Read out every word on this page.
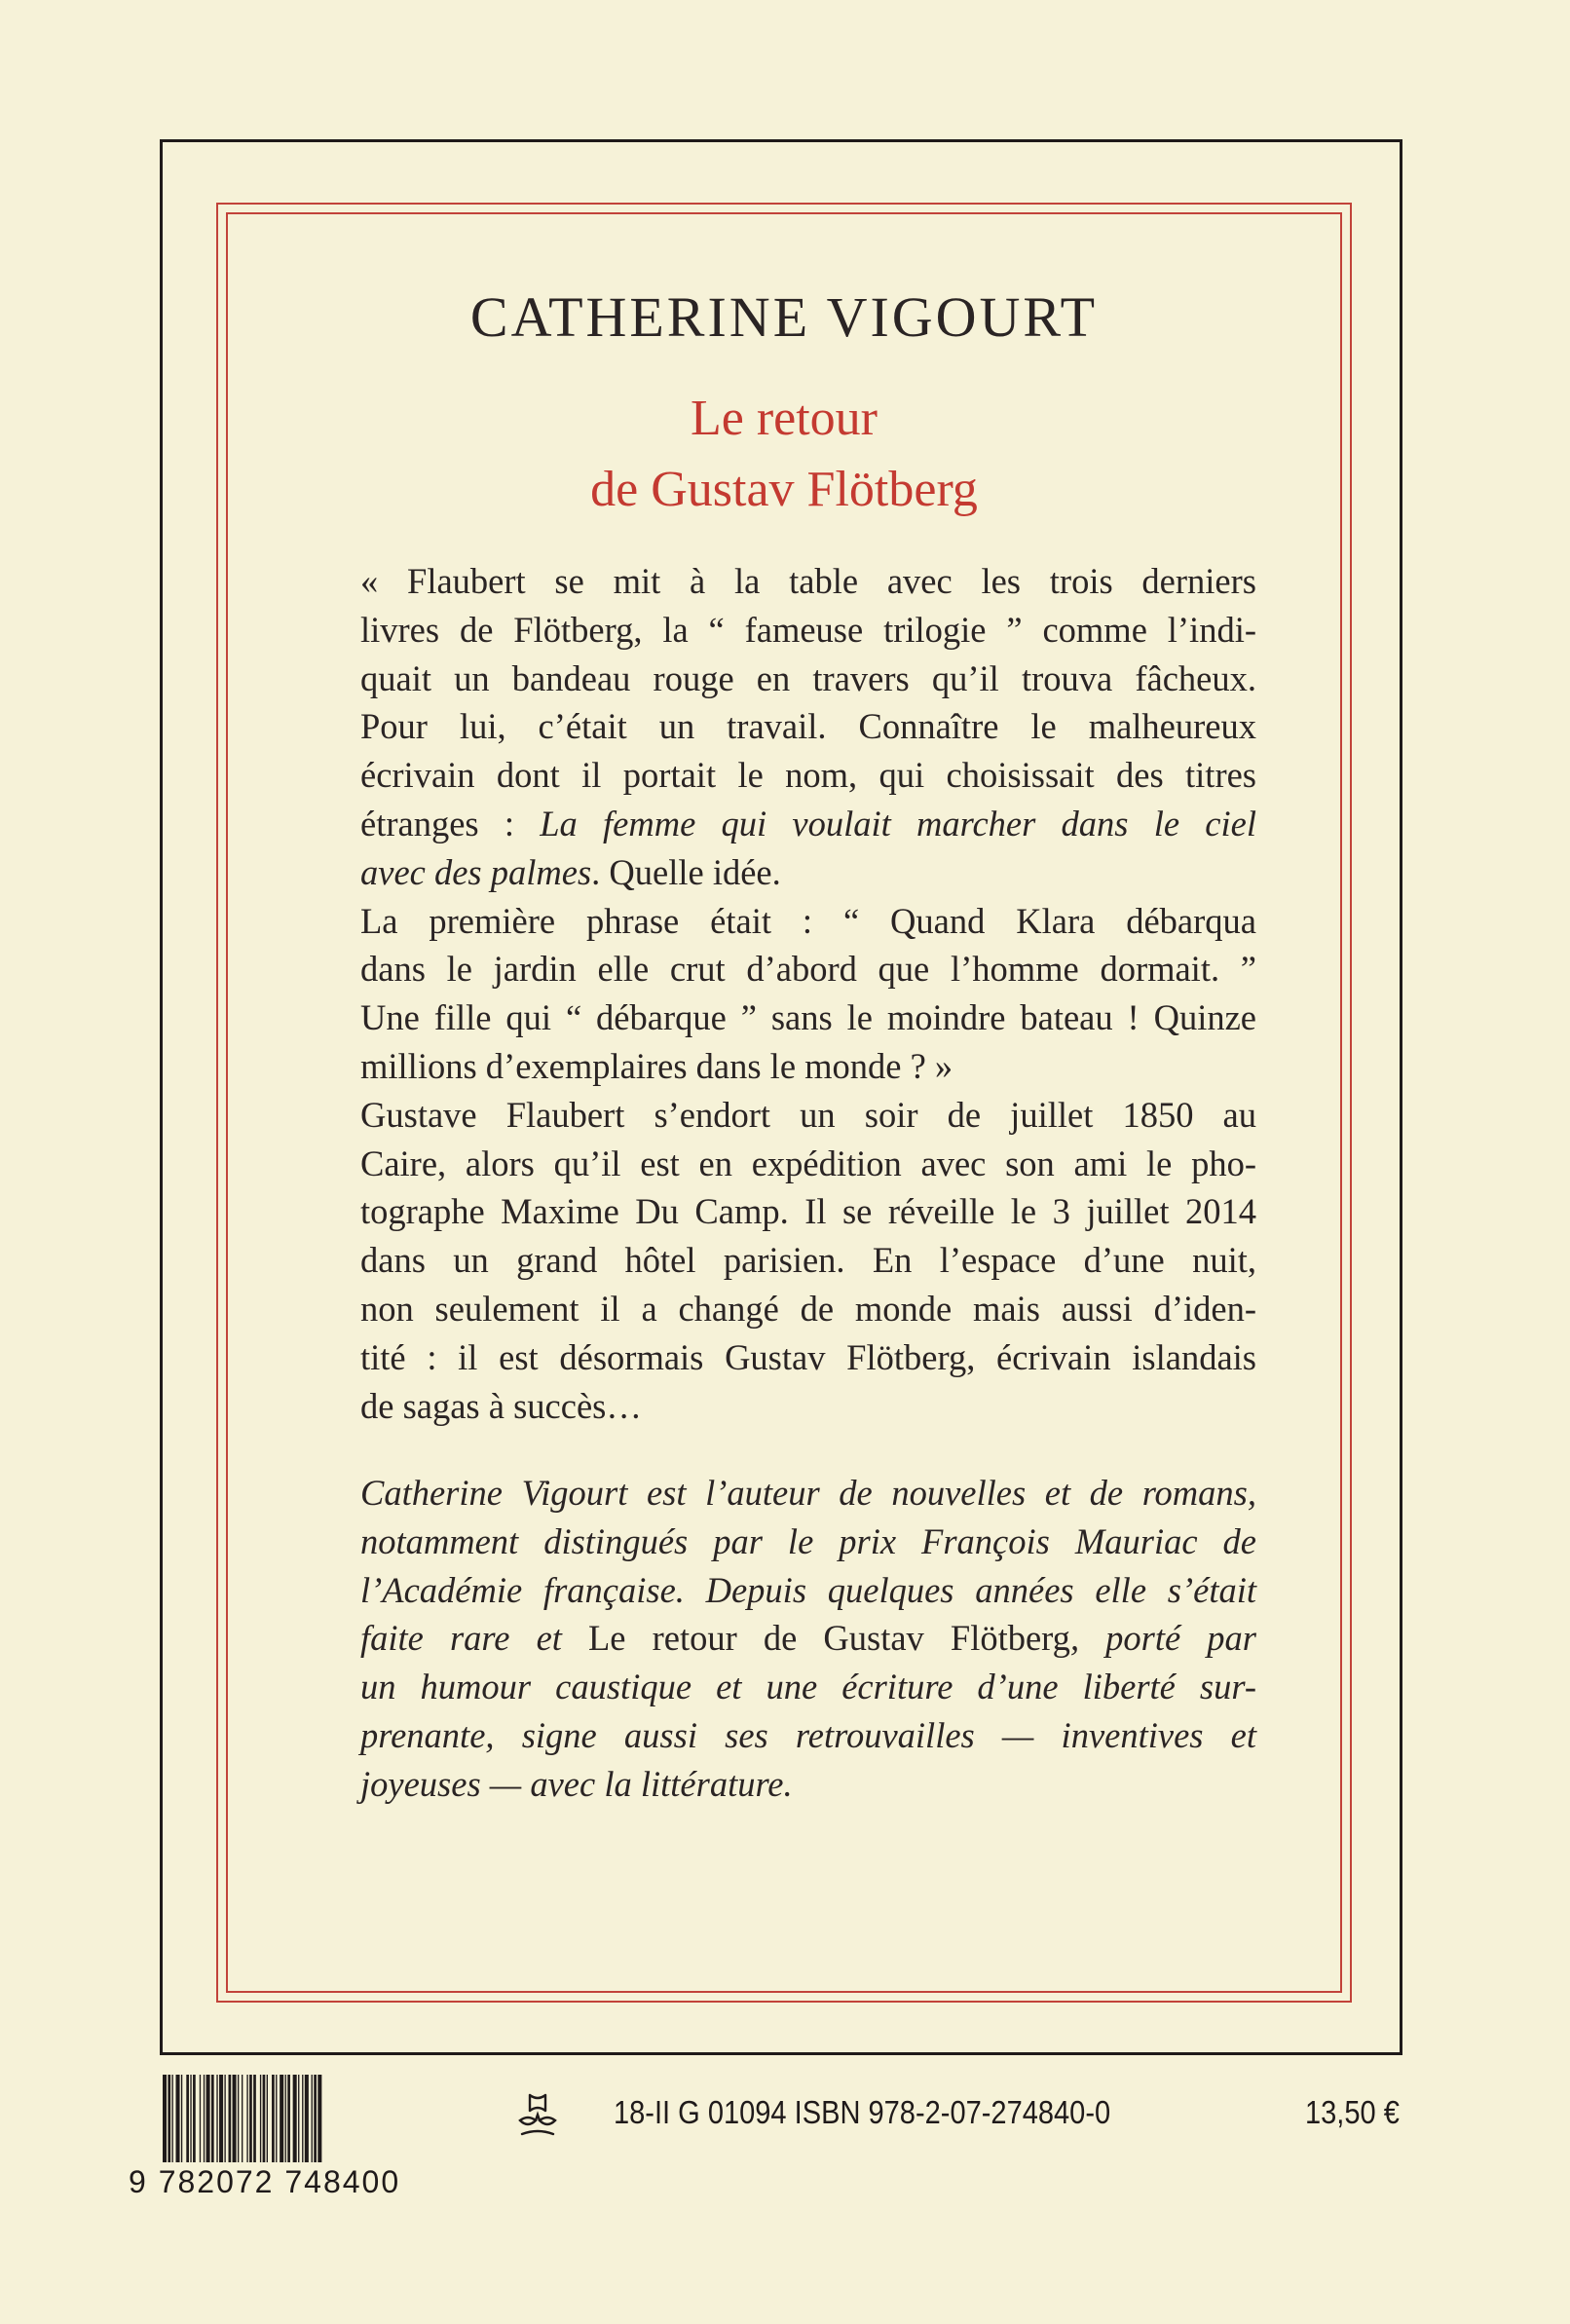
CATHERINE VIGOURT
Le retour
de Gustav Flötberg
« Flaubert se mit à la table avec les trois derniers
livres de Flötberg, la “ fameuse trilogie ” comme l’indi-
quait un bandeau rouge en travers qu’il trouva fâcheux.
Pour lui, c’était un travail. Connaître le malheureux
écrivain dont il portait le nom, qui choisissait des titres
étranges : La femme qui voulait marcher dans le ciel
avec des palmes. Quelle idée.
La première phrase était : “ Quand Klara débarqua
dans le jardin elle crut d’abord que l’homme dormait. ”
Une fille qui “ débarque ” sans le moindre bateau ! Quinze
millions d’exemplaires dans le monde ? »
Gustave Flaubert s’endort un soir de juillet 1850 au
Caire, alors qu’il est en expédition avec son ami le pho-
tographe Maxime Du Camp. Il se réveille le 3 juillet 2014
dans un grand hôtel parisien. En l’espace d’une nuit,
non seulement il a changé de monde mais aussi d’iden-
tité : il est désormais Gustav Flötberg, écrivain islandais
de sagas à succès…
Catherine Vigourt est l’auteur de nouvelles et de romans,
notamment distingués par le prix François Mauriac de
l’Académie française. Depuis quelques années elle s’était
faite rare et Le retour de Gustav Flötberg, porté par
un humour caustique et une écriture d’une liberté sur-
prenante, signe aussi ses retrouvailles — inventives et
joyeuses — avec la littérature.
9 782072 748400
18-II G 01094 ISBN 978-2-07-274840-0	13,50 €
